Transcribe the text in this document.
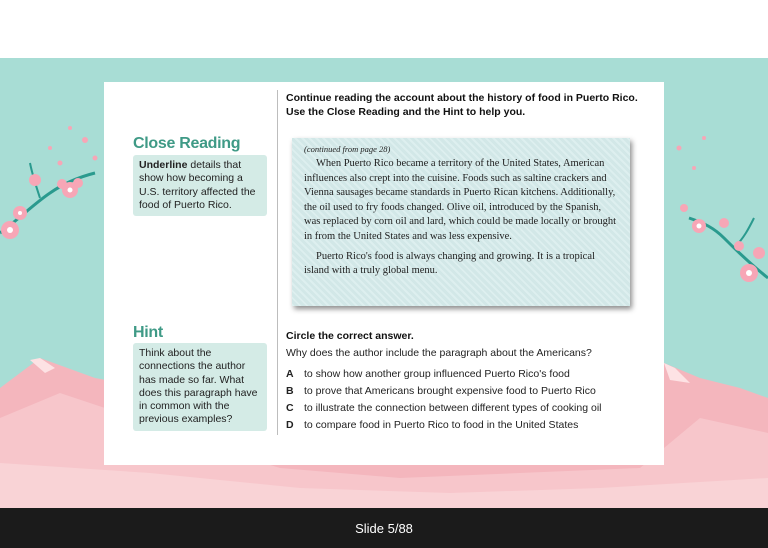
Continue reading the account about the history of food in Puerto Rico. Use the Close Reading and the Hint to help you.
Close Reading
Underline details that show how becoming a U.S. territory affected the food of Puerto Rico.
Hint
Think about the connections the author has made so far. What does this paragraph have in common with the previous examples?
(continued from page 28)

When Puerto Rico became a territory of the United States, American influences also crept into the cuisine. Foods such as saltine crackers and Vienna sausages became standards in Puerto Rican kitchens. Additionally, the oil used to fry foods changed. Olive oil, introduced by the Spanish, was replaced by corn oil and lard, which could be made locally or brought in from the United States and was less expensive.

Puerto Rico's food is always changing and growing. It is a tropical island with a truly global menu.

Circle the correct answer.
Why does the author include the paragraph about the Americans?
A to show how another group influenced Puerto Rico's food
B to prove that Americans brought expensive food to Puerto Rico
C to illustrate the connection between different types of cooking oil
D to compare food in Puerto Rico to food in the United States
Slide 5/88
